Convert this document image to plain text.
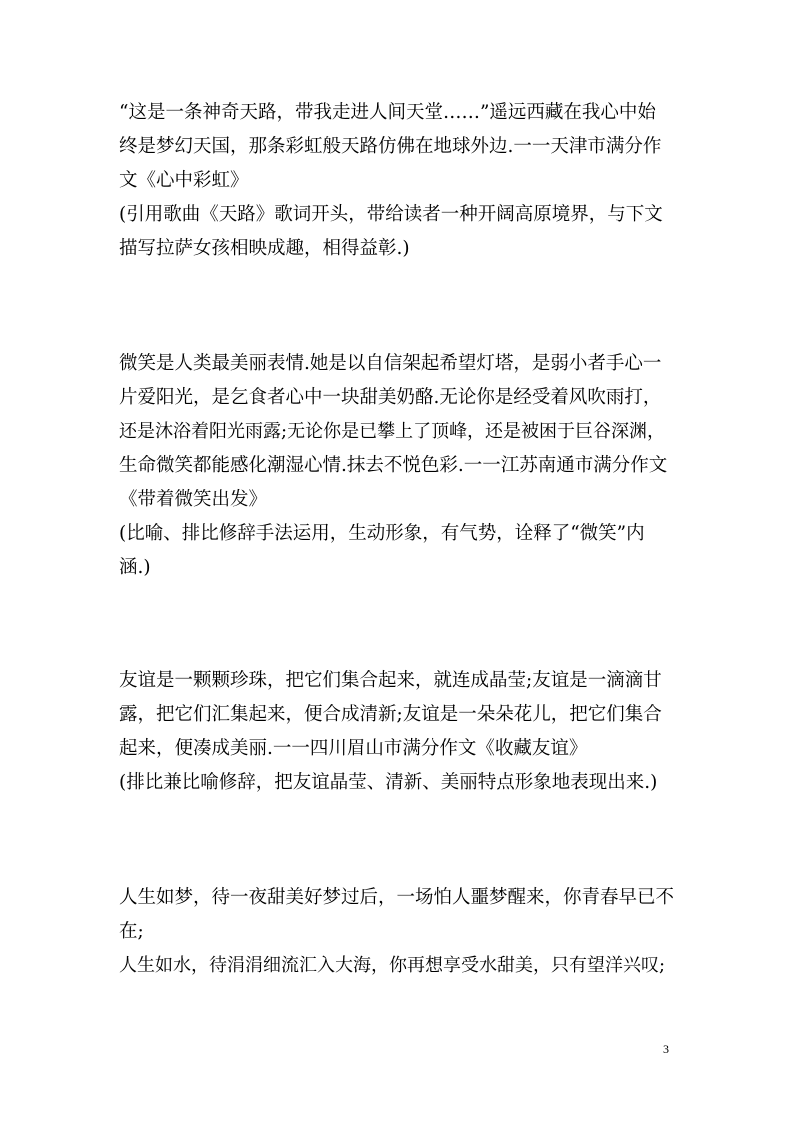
“这是一条神奇天路，带我走进人间天堂……”遥远西藏在我心中始
终是梦幻天国，那条彩虹般天路仿佛在地球外边.一一天津市满分作
文《心中彩虹》
(引用歌曲《天路》歌词开头，带给读者一种开阔高原境界，与下文
描写拉萨女孩相映成趣，相得益彰.)
微笑是人类最美丽表情.她是以自信架起希望灯塔，是弱小者手心一
片爱阳光，是乞食者心中一块甜美奶酪.无论你是经受着风吹雨打，
还是沐浴着阳光雨露;无论你是已攀上了顶峰，还是被困于巨谷深渊，
生命微笑都能感化潮湿心情.抹去不悦色彩.一一江苏南通市满分作文
《带着微笑出发》
(比喻、排比修辞手法运用，生动形象，有气势，诠释了“微笑”内
涵.)
友谊是一颗颗珍珠，把它们集合起来，就连成晶莹;友谊是一滴滴甘
露，把它们汇集起来，便合成清新;友谊是一朵朵花儿，把它们集合
起来，便凑成美丽.一一四川眉山市满分作文《收藏友谊》
(排比兼比喻修辞，把友谊晶莹、清新、美丽特点形象地表现出来.)
人生如梦，待一夜甜美好梦过后，一场怕人噩梦醒来，你青春早已不
在;
人生如水，待涓涓细流汇入大海，你再想享受水甜美，只有望洋兴叹;
3
